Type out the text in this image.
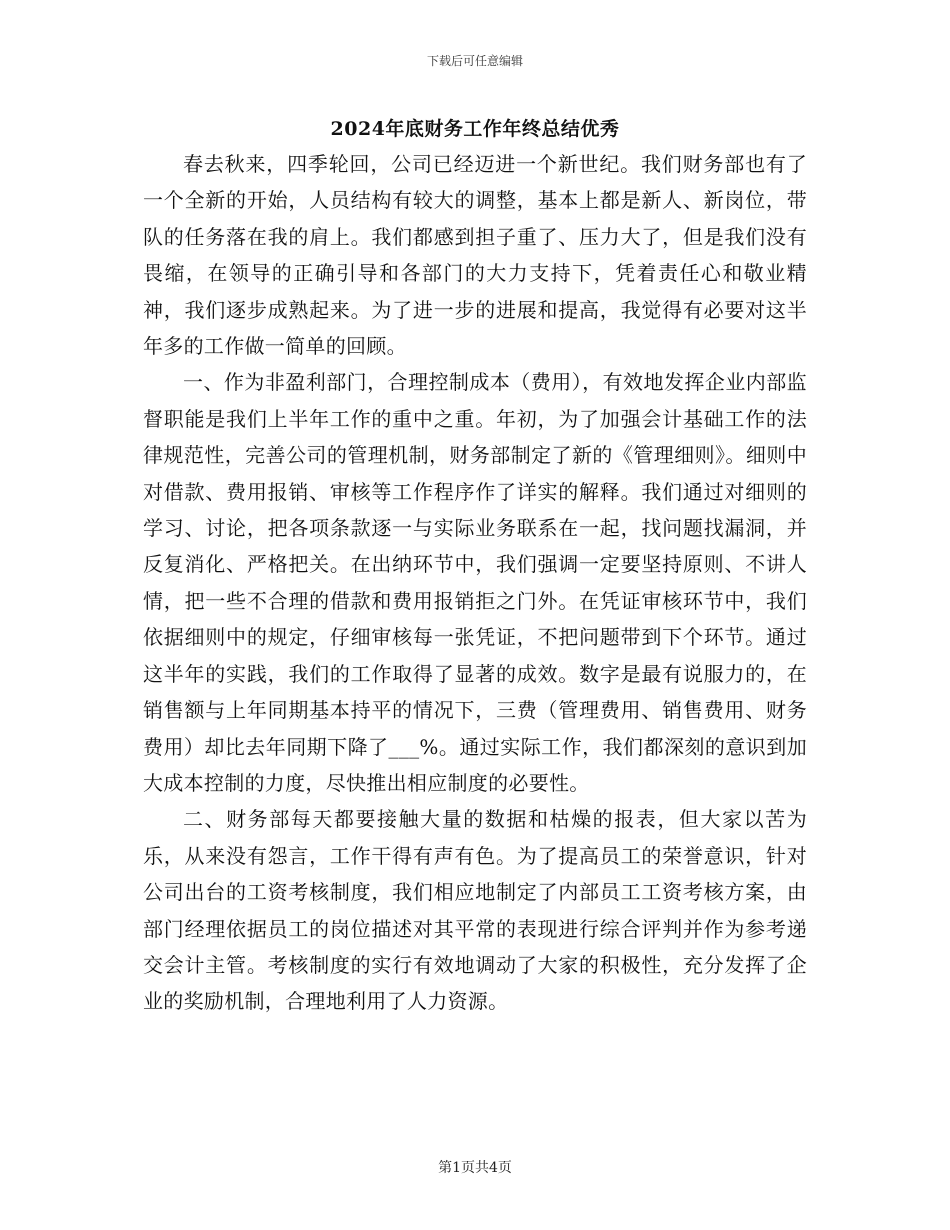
下载后可任意编辑
2024年底财务工作年终总结优秀

春去秋来，四季轮回，公司已经迈进一个新世纪。我们财务部也有了一个全新的开始，人员结构有较大的调整，基本上都是新人、新岗位，带队的任务落在我的肩上。我们都感到担子重了、压力大了，但是我们没有畏缩，在领导的正确引导和各部门的大力支持下，凭着责任心和敬业精神，我们逐步成熟起来。为了进一步的进展和提高，我觉得有必要对这半年多的工作做一简单的回顾。

一、作为非盈利部门，合理控制成本（费用），有效地发挥企业内部监督职能是我们上半年工作的重中之重。年初，为了加强会计基础工作的法律规范性，完善公司的管理机制，财务部制定了新的《管理细则》。细则中对借款、费用报销、审核等工作程序作了详实的解释。我们通过对细则的学习、讨论，把各项条款逐一与实际业务联系在一起，找问题找漏洞，并反复消化、严格把关。在出纳环节中，我们强调一定要坚持原则、不讲人情，把一些不合理的借款和费用报销拒之门外。在凭证审核环节中，我们依据细则中的规定，仔细审核每一张凭证，不把问题带到下个环节。通过这半年的实践，我们的工作取得了显著的成效。数字是最有说服力的，在销售额与上年同期基本持平的情况下，三费（管理费用、销售费用、财务费用）却比去年同期下降了___%。通过实际工作，我们都深刻的意识到加大成本控制的力度，尽快推出相应制度的必要性。

二、财务部每天都要接触大量的数据和枯燥的报表，但大家以苦为乐，从来没有怨言，工作干得有声有色。为了提高员工的荣誉意识，针对公司出台的工资考核制度，我们相应地制定了内部员工工资考核方案，由部门经理依据员工的岗位描述对其平常的表现进行综合评判并作为参考递交会计主管。考核制度的实行有效地调动了大家的积极性，充分发挥了企业的奖励机制，合理地利用了人力资源。

第1页共4页
